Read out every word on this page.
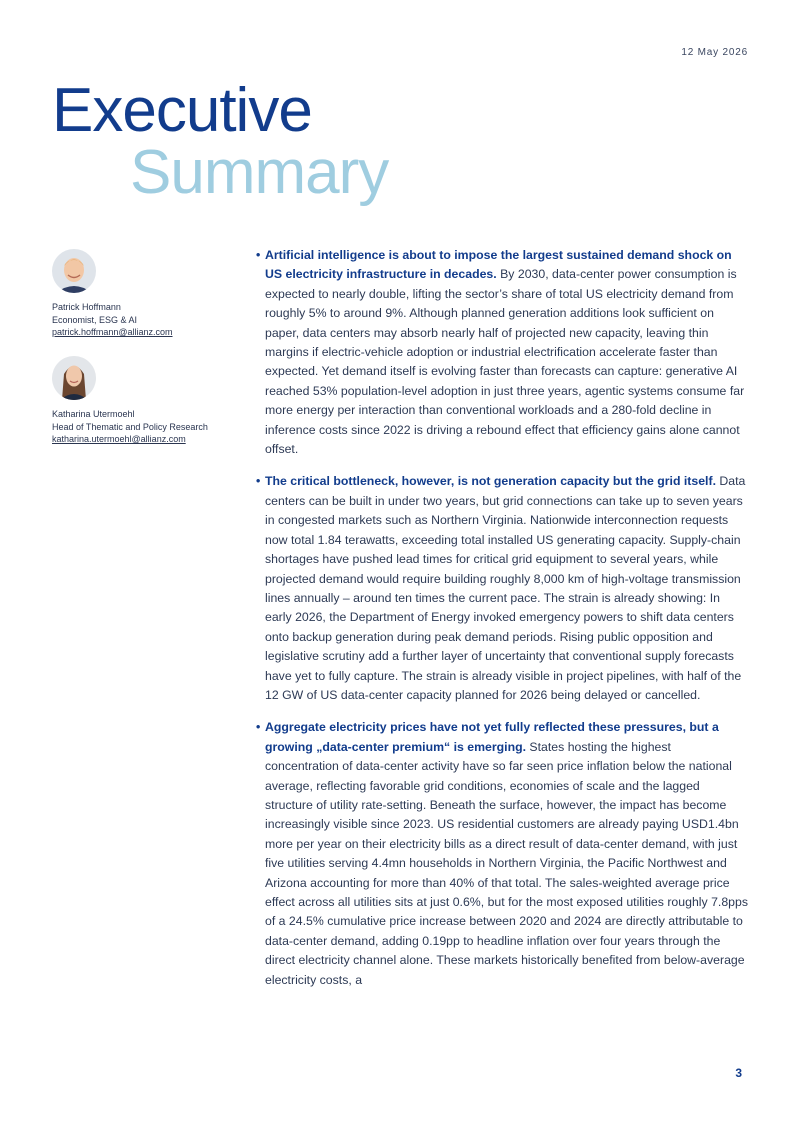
12 May 2026
Executive
Summary
Patrick Hoffmann
Economist, ESG & AI
patrick.hoffmann@allianz.com
Katharina Utermoehl
Head of Thematic and Policy Research
katharina.utermoehl@allianz.com

• Artificial intelligence is about to impose the largest sustained demand shock on US electricity infrastructure in decades. By 2030, data-center power consumption is expected to nearly double, lifting the sector’s share of total US electricity demand from roughly 5% to around 9%. Although planned generation additions look sufficient on paper, data centers may absorb nearly half of projected new capacity, leaving thin margins if electric-vehicle adoption or industrial electrification accelerate faster than expected. Yet demand itself is evolving faster than forecasts can capture: generative AI reached 53% population-level adoption in just three years, agentic systems consume far more energy per interaction than conventional workloads and a 280-fold decline in inference costs since 2022 is driving a rebound effect that efficiency gains alone cannot offset.

• The critical bottleneck, however, is not generation capacity but the grid itself. Data centers can be built in under two years, but grid connections can take up to seven years in congested markets such as Northern Virginia. Nationwide interconnection requests now total 1.84 terawatts, exceeding total installed US generating capacity. Supply-chain shortages have pushed lead times for critical grid equipment to several years, while projected demand would require building roughly 8,000 km of high-voltage transmission lines annually – around ten times the current pace. The strain is already showing: In early 2026, the Department of Energy invoked emergency powers to shift data centers onto backup generation during peak demand periods. Rising public opposition and legislative scrutiny add a further layer of uncertainty that conventional supply forecasts have yet to fully capture. The strain is already visible in project pipelines, with half of the 12 GW of US data-center capacity planned for 2026 being delayed or cancelled.

• Aggregate electricity prices have not yet fully reflected these pressures, but a growing „data-center premium“ is emerging. States hosting the highest concentration of data-center activity have so far seen price inflation below the national average, reflecting favorable grid conditions, economies of scale and the lagged structure of utility rate-setting. Beneath the surface, however, the impact has become increasingly visible since 2023. US residential customers are already paying USD1.4bn more per year on their electricity bills as a direct result of data-center demand, with just five utilities serving 4.4mn households in Northern Virginia, the Pacific Northwest and Arizona accounting for more than 40% of that total. The sales-weighted average price effect across all utilities sits at just 0.6%, but for the most exposed utilities roughly 7.8pps of a 24.5% cumulative price increase between 2020 and 2024 are directly attributable to data-center demand, adding 0.19pp to headline inflation over four years through the direct electricity channel alone. These markets historically benefited from below-average electricity costs, a

3
